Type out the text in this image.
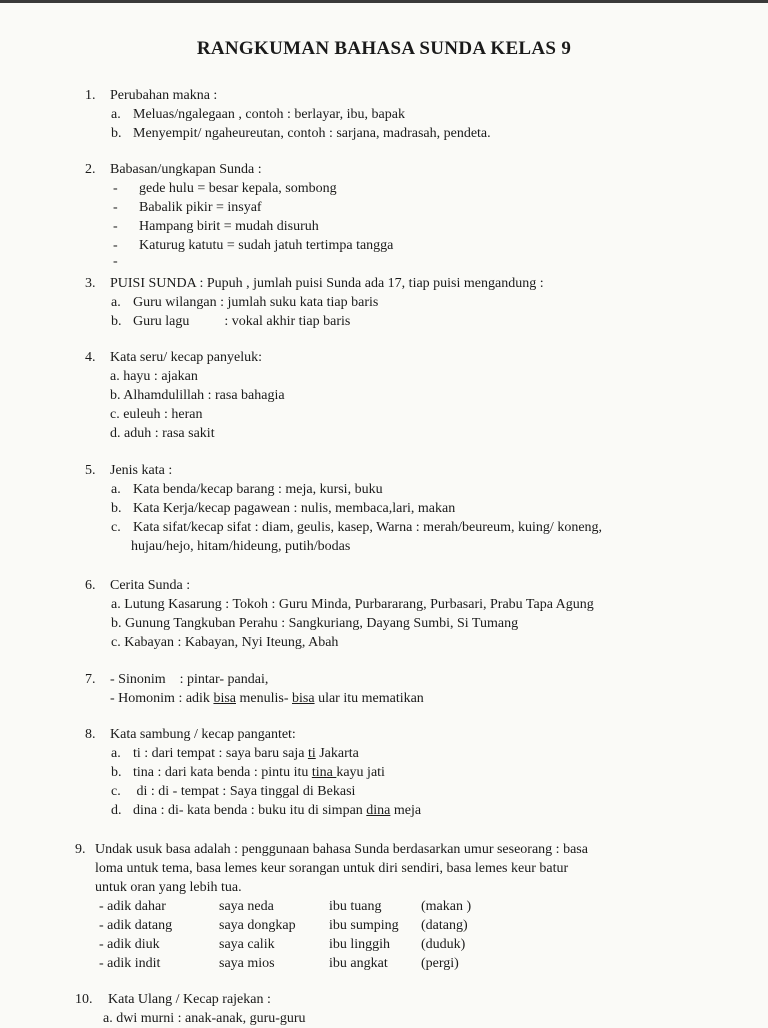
RANGKUMAN BAHASA SUNDA KELAS 9
1.	Perubahan makna :
a. Meluas/ngalegaan , contoh : berlayar, ibu, bapak
b. Menyempit/ ngaheureutan, contoh : sarjana, madrasah, pendeta.
2.	Babasan/ungkapan Sunda :
- gede hulu = besar kepala, sombong
- Babalik pikir = insyaf
- Hampang birit = mudah disuruh
- Katurug katutu = sudah jatuh tertimpa tangga
-
3.	PUISI SUNDA : Pupuh , jumlah puisi Sunda ada 17, tiap puisi mengandung :
a. Guru wilangan : jumlah suku kata tiap baris
b. Guru lagu          : vokal akhir tiap baris
4.	Kata seru/ kecap panyeluk:
a. hayu : ajakan
b. Alhamdulillah : rasa bahagia
c. euleuh : heran
d. aduh : rasa sakit
5.	Jenis kata :
a. Kata benda/kecap barang : meja, kursi, buku
b. Kata Kerja/kecap pagawean : nulis, membaca,lari, makan
c. Kata sifat/kecap sifat : diam, geulis, kasep, Warna : merah/beureum, kuing/ koneng,
hujau/hejo, hitam/hideung, putih/bodas
6.	Cerita Sunda :
a. Lutung Kasarung : Tokoh : Guru Minda, Purbararang, Purbasari, Prabu Tapa Agung
b. Gunung Tangkuban Perahu : Sangkuriang, Dayang Sumbi, Si Tumang
c. Kabayan : Kabayan, Nyi Iteung, Abah
7.	- Sinonim    : pintar- pandai,
- Homonim : adik bisa menulis- bisa ular itu mematikan
8.	Kata sambung / kecap pangantet:
a. ti : dari tempat : saya baru saja ti Jakarta
b. tina : dari kata benda : pintu itu tina kayu jati
c. di : di - tempat : Saya tinggal di Bekasi
d. dina : di- kata benda : buku itu di simpan dina meja
9. Undak usuk basa adalah : penggunaan bahasa Sunda berdasarkan umur seseorang : basa
loma untuk tema, basa lemes keur sorangan untuk diri sendiri, basa lemes keur batur
untuk oran yang lebih tua.
- adik dahar	saya neda	ibu tuang	(makan )
- adik datang	saya dongkap	ibu sumping	(datang)
- adik diuk	saya calik	ibu linggih	(duduk)
- adik indit	saya mios	ibu angkat	(pergi)
10.	Kata Ulang / Kecap rajekan :
a. dwi murni : anak-anak, guru-guru
